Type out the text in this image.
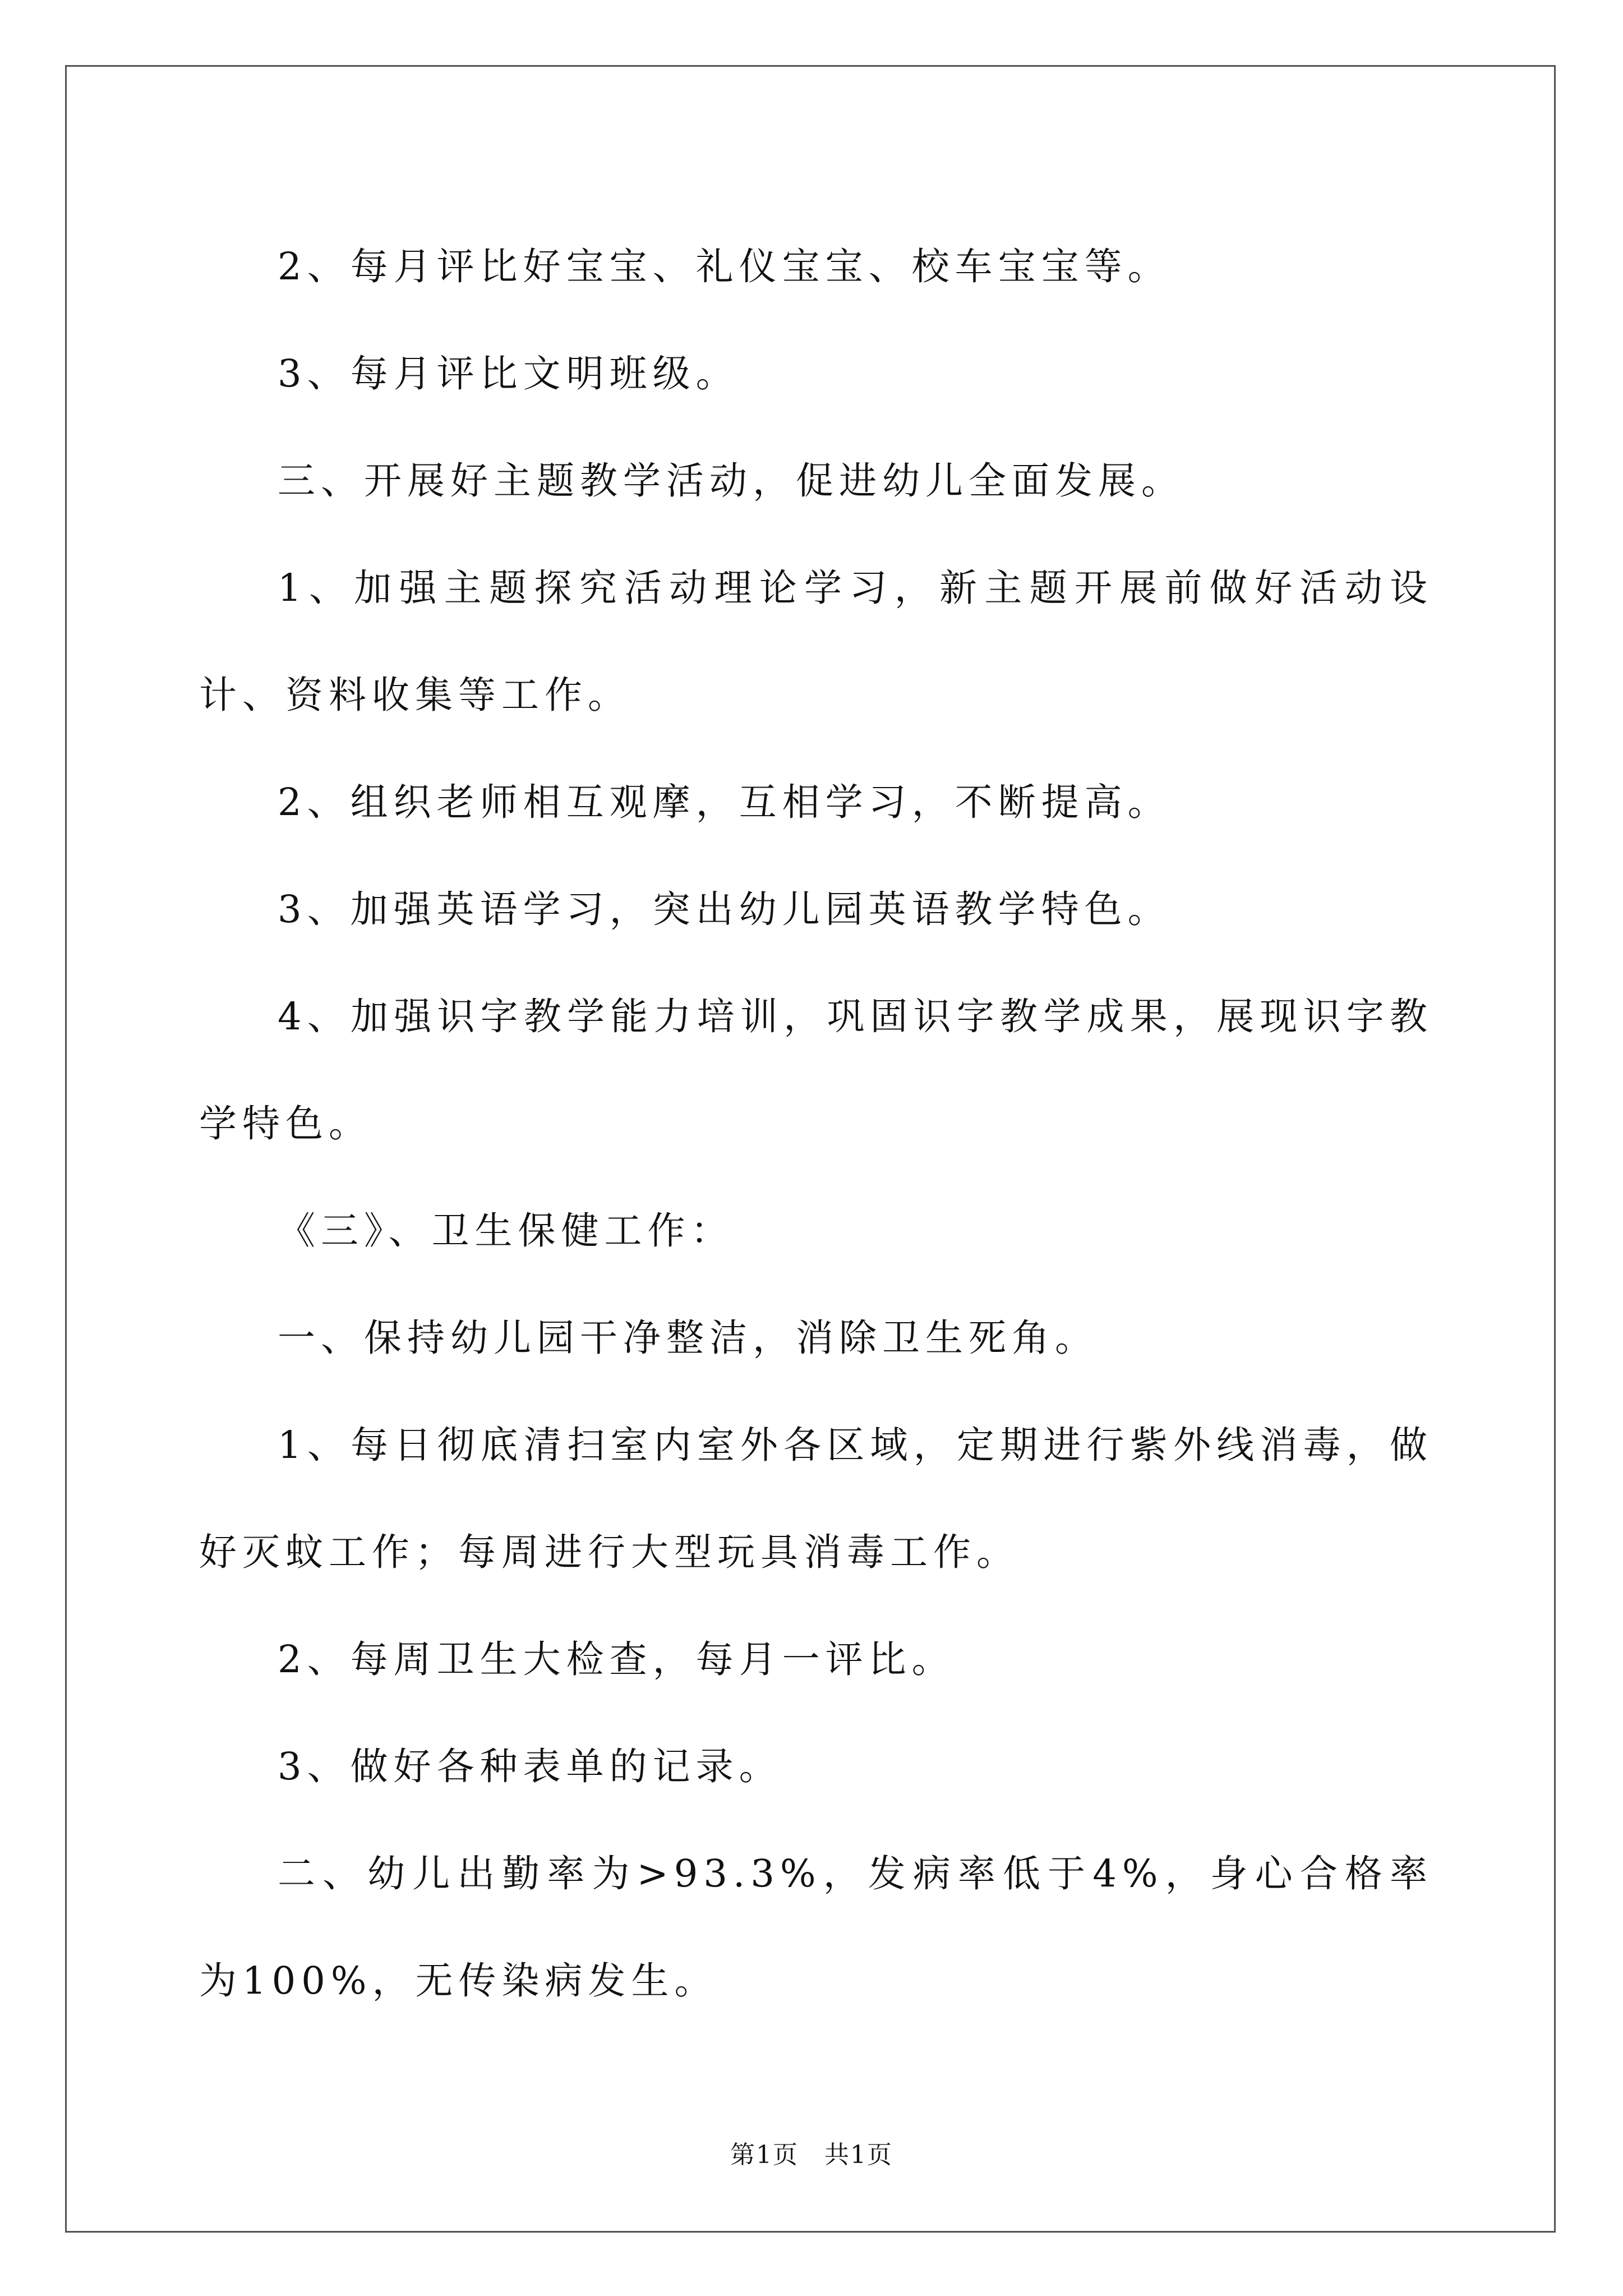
2、每月评比好宝宝、礼仪宝宝、校车宝宝等。

3、每月评比文明班级。

三、开展好主题教学活动，促进幼儿全面发展。

1、加强主题探究活动理论学习，新主题开展前做好活动设计、资料收集等工作。

2、组织老师相互观摩，互相学习，不断提高。

3、加强英语学习，突出幼儿园英语教学特色。

4、加强识字教学能力培训，巩固识字教学成果，展现识字教学特色。

《三》、卫生保健工作：

一、保持幼儿园干净整洁，消除卫生死角。

1、每日彻底清扫室内室外各区域，定期进行紫外线消毒，做好灭蚊工作；每周进行大型玩具消毒工作。

2、每周卫生大检查，每月一评比。

3、做好各种表单的记录。

二、幼儿出勤率为>93.3%，发病率低于4%，身心合格率为100%，无传染病发生。

第1页　共1页
